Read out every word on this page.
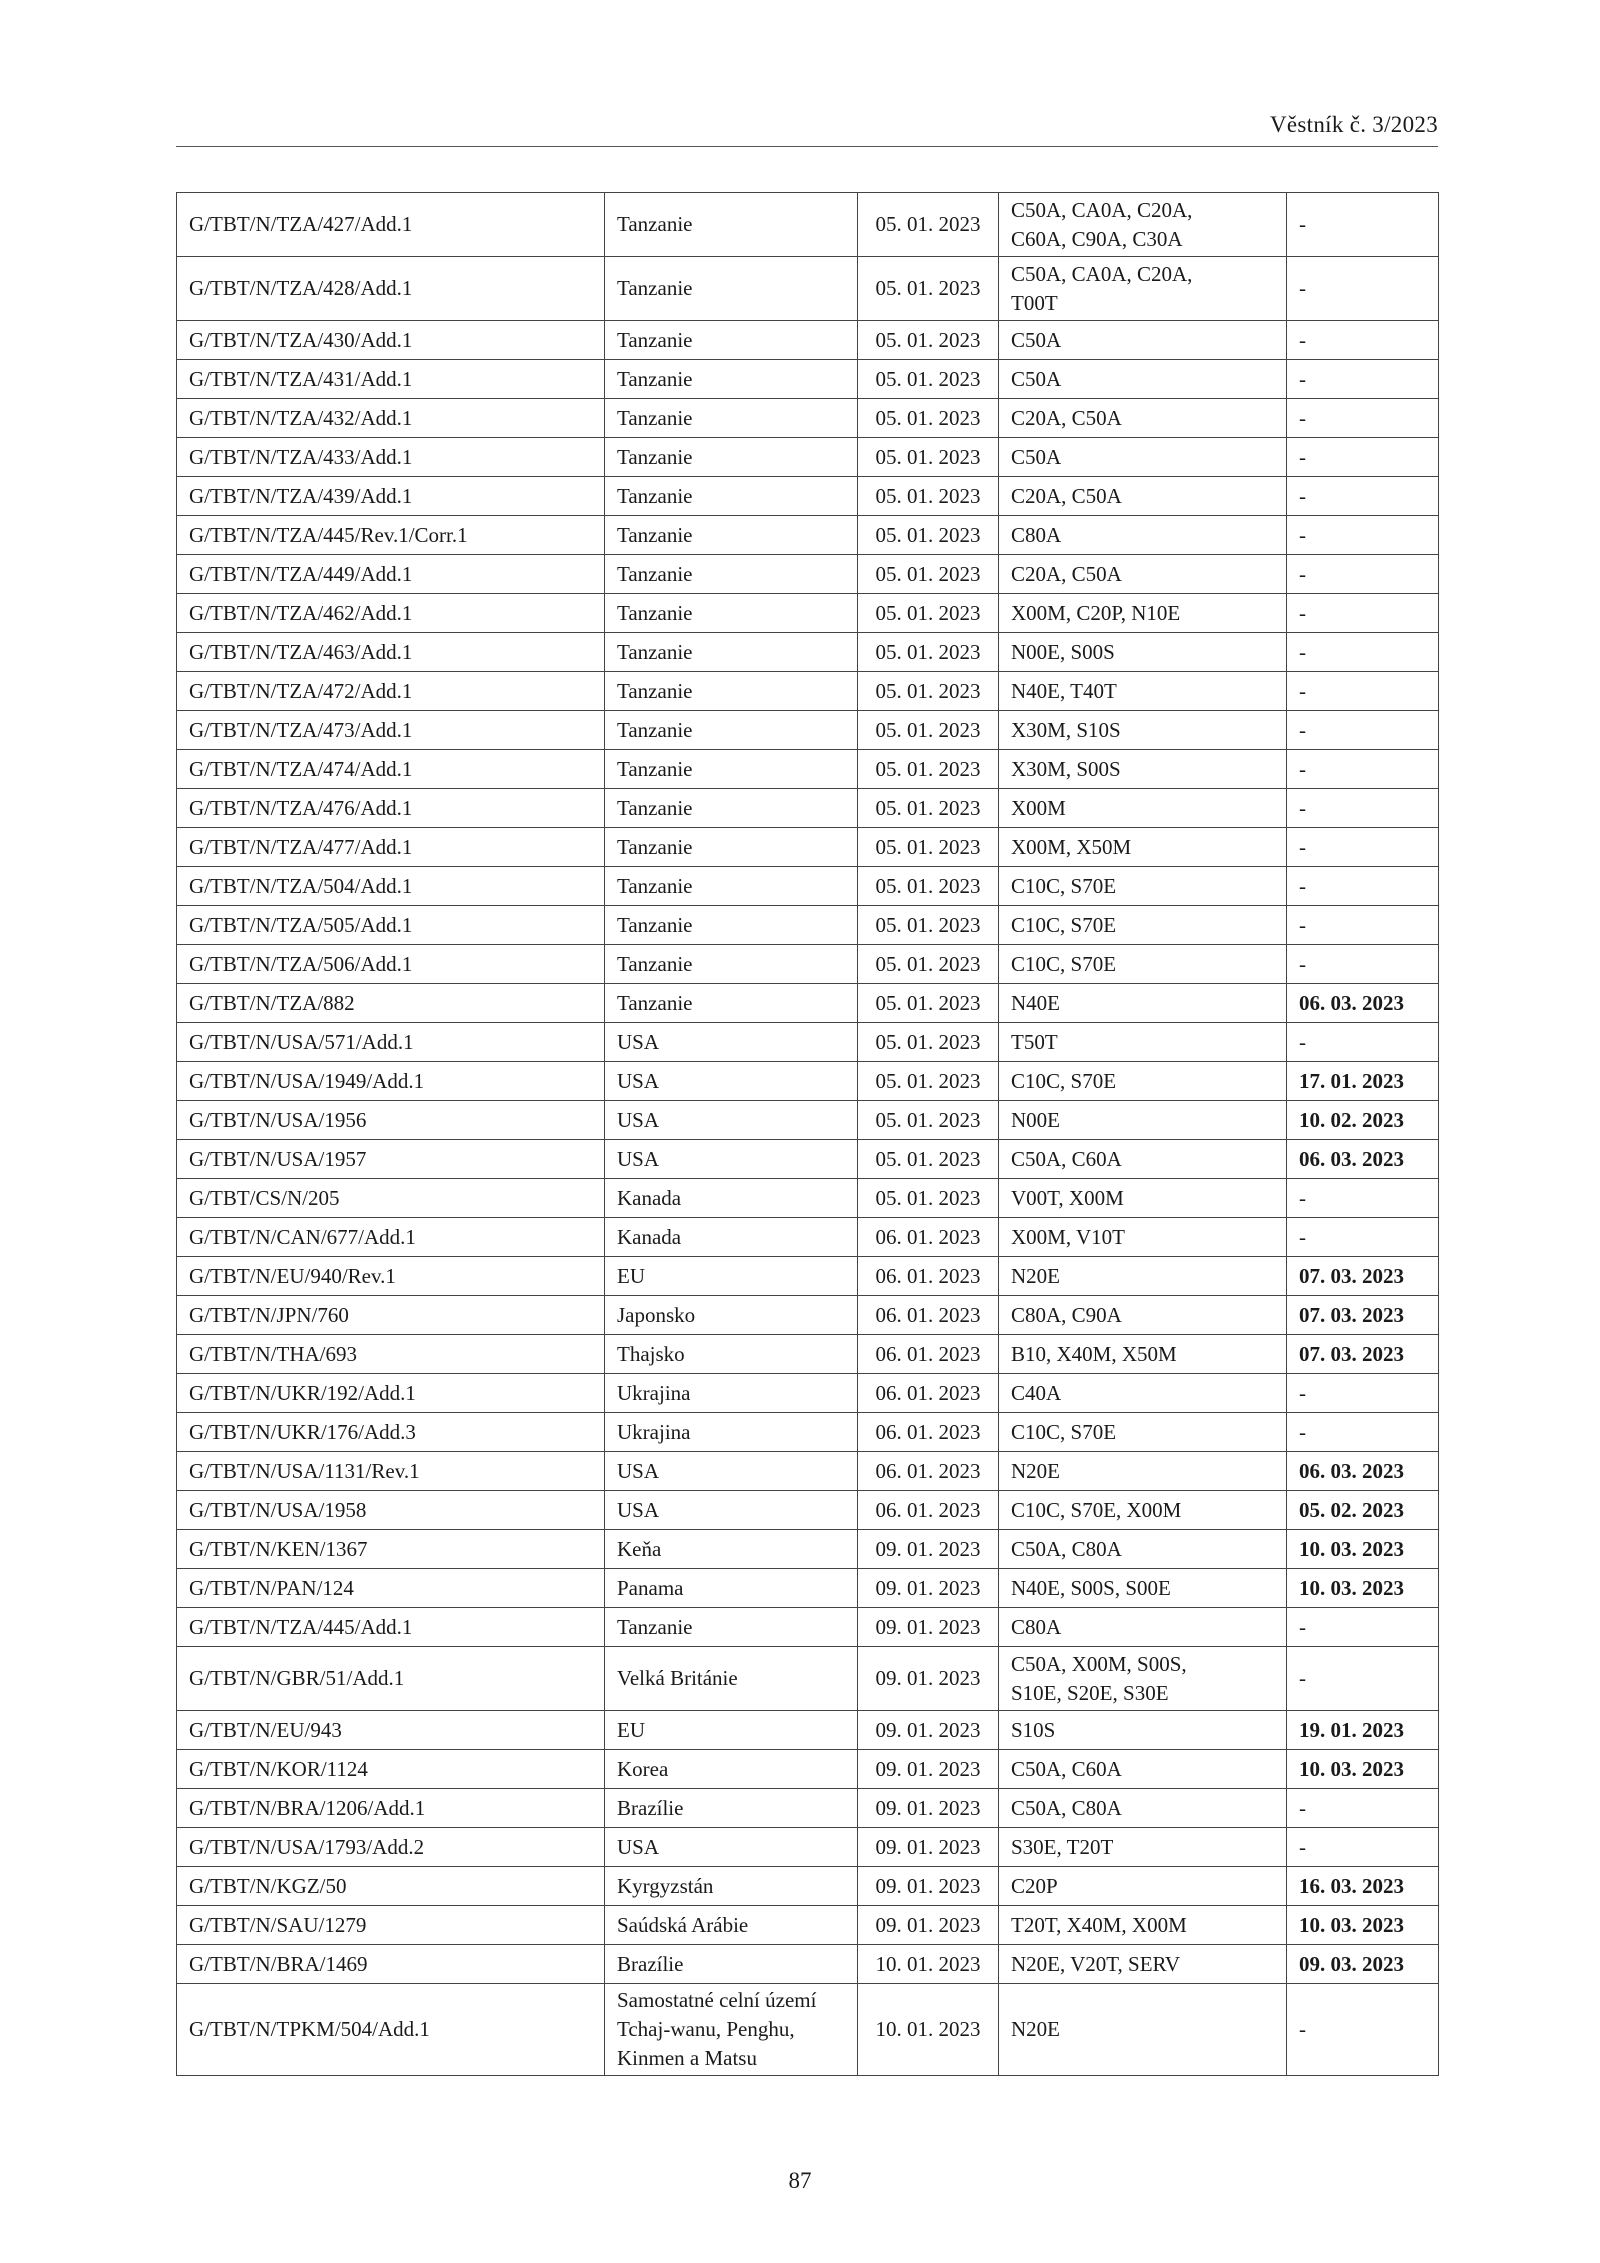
Věstník č. 3/2023
G/TBT/N/TZA/427/Add.1	Tanzanie	05. 01. 2023	C50A, CA0A, C20A,
C60A, C90A, C30A	-

G/TBT/N/TZA/428/Add.1	Tanzanie	05. 01. 2023	C50A, CA0A, C20A,
T00T	-

G/TBT/N/TZA/430/Add.1	Tanzanie	05. 01. 2023	C50A	-

G/TBT/N/TZA/431/Add.1	Tanzanie	05. 01. 2023	C50A	-

G/TBT/N/TZA/432/Add.1	Tanzanie	05. 01. 2023	C20A, C50A	-

G/TBT/N/TZA/433/Add.1	Tanzanie	05. 01. 2023	C50A	-

G/TBT/N/TZA/439/Add.1	Tanzanie	05. 01. 2023	C20A, C50A	-

G/TBT/N/TZA/445/Rev.1/Corr.1	Tanzanie	05. 01. 2023	C80A	-

G/TBT/N/TZA/449/Add.1	Tanzanie	05. 01. 2023	C20A, C50A	-

G/TBT/N/TZA/462/Add.1	Tanzanie	05. 01. 2023	X00M, C20P, N10E	-

G/TBT/N/TZA/463/Add.1	Tanzanie	05. 01. 2023	N00E, S00S	-

G/TBT/N/TZA/472/Add.1	Tanzanie	05. 01. 2023	N40E, T40T	-

G/TBT/N/TZA/473/Add.1	Tanzanie	05. 01. 2023	X30M, S10S	-

G/TBT/N/TZA/474/Add.1	Tanzanie	05. 01. 2023	X30M, S00S	-

G/TBT/N/TZA/476/Add.1	Tanzanie	05. 01. 2023	X00M	-

G/TBT/N/TZA/477/Add.1	Tanzanie	05. 01. 2023	X00M, X50M	-

G/TBT/N/TZA/504/Add.1	Tanzanie	05. 01. 2023	C10C, S70E	-

G/TBT/N/TZA/505/Add.1	Tanzanie	05. 01. 2023	C10C, S70E	-

G/TBT/N/TZA/506/Add.1	Tanzanie	05. 01. 2023	C10C, S70E	-

G/TBT/N/TZA/882	Tanzanie	05. 01. 2023	N40E	06. 03. 2023

G/TBT/N/USA/571/Add.1	USA	05. 01. 2023	T50T	-

G/TBT/N/USA/1949/Add.1	USA	05. 01. 2023	C10C, S70E	17. 01. 2023

G/TBT/N/USA/1956	USA	05. 01. 2023	N00E	10. 02. 2023

G/TBT/N/USA/1957	USA	05. 01. 2023	C50A, C60A	06. 03. 2023

G/TBT/CS/N/205	Kanada	05. 01. 2023	V00T, X00M	-

G/TBT/N/CAN/677/Add.1	Kanada	06. 01. 2023	X00M, V10T	-

G/TBT/N/EU/940/Rev.1	EU	06. 01. 2023	N20E	07. 03. 2023

G/TBT/N/JPN/760	Japonsko	06. 01. 2023	C80A, C90A	07. 03. 2023

G/TBT/N/THA/693	Thajsko	06. 01. 2023	B10, X40M, X50M	07. 03. 2023

G/TBT/N/UKR/192/Add.1	Ukrajina	06. 01. 2023	C40A	-

G/TBT/N/UKR/176/Add.3	Ukrajina	06. 01. 2023	C10C, S70E	-

G/TBT/N/USA/1131/Rev.1	USA	06. 01. 2023	N20E	06. 03. 2023

G/TBT/N/USA/1958	USA	06. 01. 2023	C10C, S70E, X00M	05. 02. 2023

G/TBT/N/KEN/1367	Keňa	09. 01. 2023	C50A, C80A	10. 03. 2023

G/TBT/N/PAN/124	Panama	09. 01. 2023	N40E, S00S, S00E	10. 03. 2023

G/TBT/N/TZA/445/Add.1	Tanzanie	09. 01. 2023	C80A	-

G/TBT/N/GBR/51/Add.1	Velká Británie	09. 01. 2023	C50A, X00M, S00S,
S10E, S20E, S30E	-

G/TBT/N/EU/943	EU	09. 01. 2023	S10S	19. 01. 2023

G/TBT/N/KOR/1124	Korea	09. 01. 2023	C50A, C60A	10. 03. 2023

G/TBT/N/BRA/1206/Add.1	Brazílie	09. 01. 2023	C50A, C80A	-

G/TBT/N/USA/1793/Add.2	USA	09. 01. 2023	S30E, T20T	-

G/TBT/N/KGZ/50	Kyrgyzstán	09. 01. 2023	C20P	16. 03. 2023

G/TBT/N/SAU/1279	Saúdská Arábie	09. 01. 2023	T20T, X40M, X00M	10. 03. 2023

G/TBT/N/BRA/1469	Brazílie	10. 01. 2023	N20E, V20T, SERV	09. 03. 2023

G/TBT/N/TPKM/504/Add.1	Samostatné celní území
Tchaj-wanu, Penghu,
Kinmen a Matsu	10. 01. 2023	N20E	-
87
